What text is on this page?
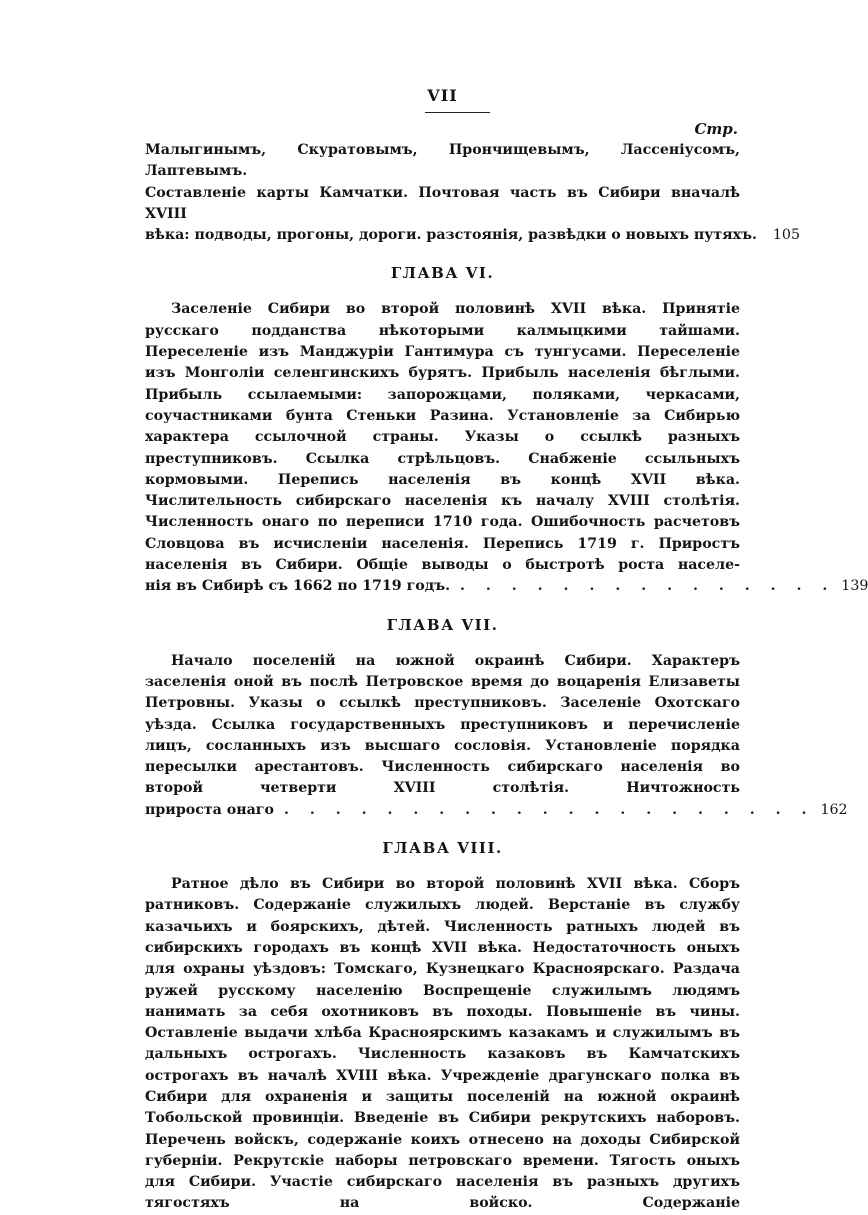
VII
Стр.
Малыгинымъ, Скуратовымъ, Прончищевымъ, Лассеніусомъ, Лаптевымъ.
Составленіе карты Камчатки. Почтовая часть въ Сибири вначалѣ XVIII
вѣка: подводы, прогоны, дороги. разстоянія, развѣдки о новыхъ путяхъ.	105
ГЛАВА VI.
Заселеніе Сибири во второй половинѣ XVII вѣка. Принятіе русскаго подданства нѣкоторыми калмыцкими тайшами. Переселеніе изъ Манджуріи Гантимура съ тунгусами. Переселеніе изъ Монголіи селенгинскихъ бурятъ. Прибыль населенія бѣглыми. Прибыль ссылаемыми: запорожцами, поляками, черкасами, соучастниками бунта Стеньки Разина. Установленіе за Сибирью характера ссылочной страны. Указы о ссылкѣ разныхъ преступниковъ. Ссылка стрѣльцовъ. Снабженіе ссыльныхъ кормовыми. Перепись населенія въ концѣ XVII вѣка. Числительность сибирскаго населенія къ началу XVIII столѣтія. Численность онаго по переписи 1710 года. Ошибочность расчетовъ Словцова въ исчисленіи населенія. Перепись 1719 г. Прироcтъ населенія въ Сибири. Общіе выводы о быстротѣ роста населе-
нія въ Сибирѣ съ 1662 по 1719 годъ. . . . . . . . . . . . . . . . 139
ГЛАВА VII.
Начало поселеній на южной окраинѣ Сибири. Характеръ заселенія оной въ послѣ Петровское время до воцаренія Елизаветы Петровны. Указы о ссылкѣ преступниковъ. Заселеніе Охотскаго уѣзда. Ссылка государственныхъ преступниковъ и перечисленіе лицъ, сосланныхъ изъ высшаго сословія. Установленіе порядка пересылки арестантовъ. Численность сибирскаго населенія во второй четверти XVIII столѣтія. Ничтожность
прироста онаго . . . . . . . . . . . . . . . . . . . . . 162
ГЛАВА VIII.
Ратное дѣло въ Сибири во второй половинѣ XVII вѣка. Сборъ ратниковъ. Содержаніе служилыхъ людей. Верстаніе въ службу казачьихъ и боярскихъ, дѣтей. Численность ратныхъ людей въ сибирскихъ городахъ въ концѣ XVII вѣка. Недостаточность оныхъ для охраны уѣздовъ: Томскаго, Кузнецкаго Красноярскаго. Раздача ружей русскому населенію Воспрещеніе служилымъ людямъ нанимать за себя охотниковъ въ походы. Повышеніе въ чины. Оставленіе выдачи хлѣба Красноярскимъ казакамъ и служилымъ въ дальныхъ острогахъ. Численность казаковъ въ Камчатскихъ острогахъ въ началѣ XVIII вѣка. Учрежденіе драгунскаго полка въ Сибири для охраненія и защиты поселеній на южной окраинѣ Тобольской провинціи. Введеніе въ Сибири рекрутскихъ наборовъ. Перечень войскъ, содержаніе коихъ отнесено на доходы Сибирской губерніи. Рекрутскіе наборы петровскаго времени. Тягость оныхъ для Сибири. Участіе сибирскаго населенія въ разныхъ другихъ тягостяхъ на войско. Содержаніе
